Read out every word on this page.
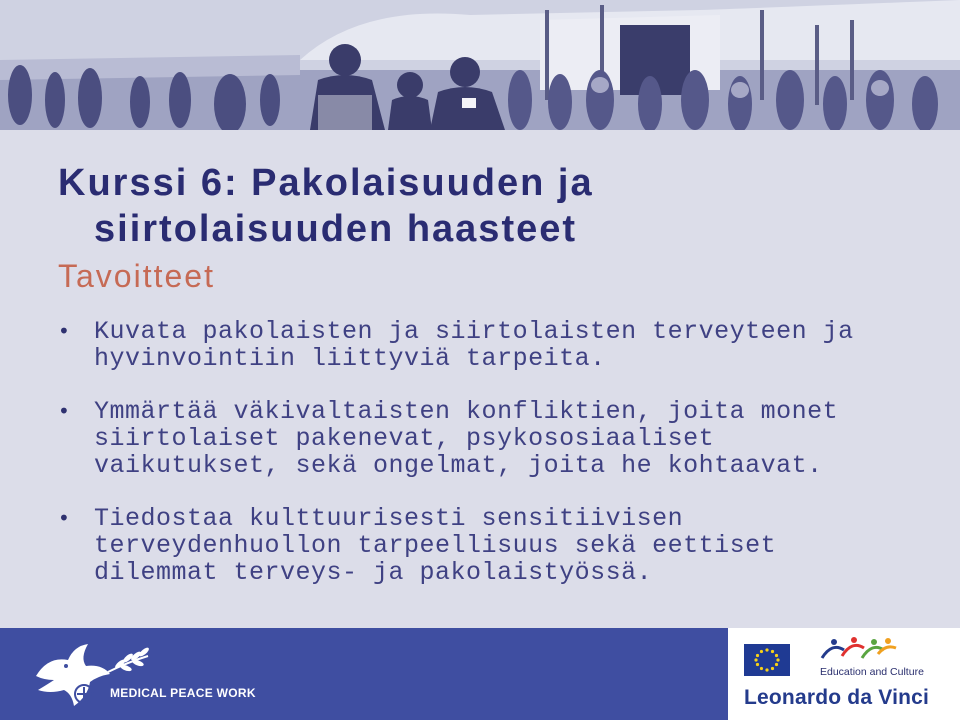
Kurssi 6: Pakolaisuuden ja
siirtolaisuuden haasteet
Tavoitteet
• Kuvata pakolaisten ja siirtolaisten terveyteen ja
hyvinvointiin liittyviä tarpeita.
• Ymmärtää väkivaltaisten konfliktien, joita monet
siirtolaiset pakenevat, psykososiaaliset
vaikutukset, sekä ongelmat, joita he kohtaavat.
• Tiedostaa kulttuurisesti sensitiivisen
terveydenhuollon tarpeellisuus sekä eettiset
dilemmat terveys- ja pakolaistyössä.
MEDICAL PEACE WORK
Education and Culture
Leonardo da Vinci
